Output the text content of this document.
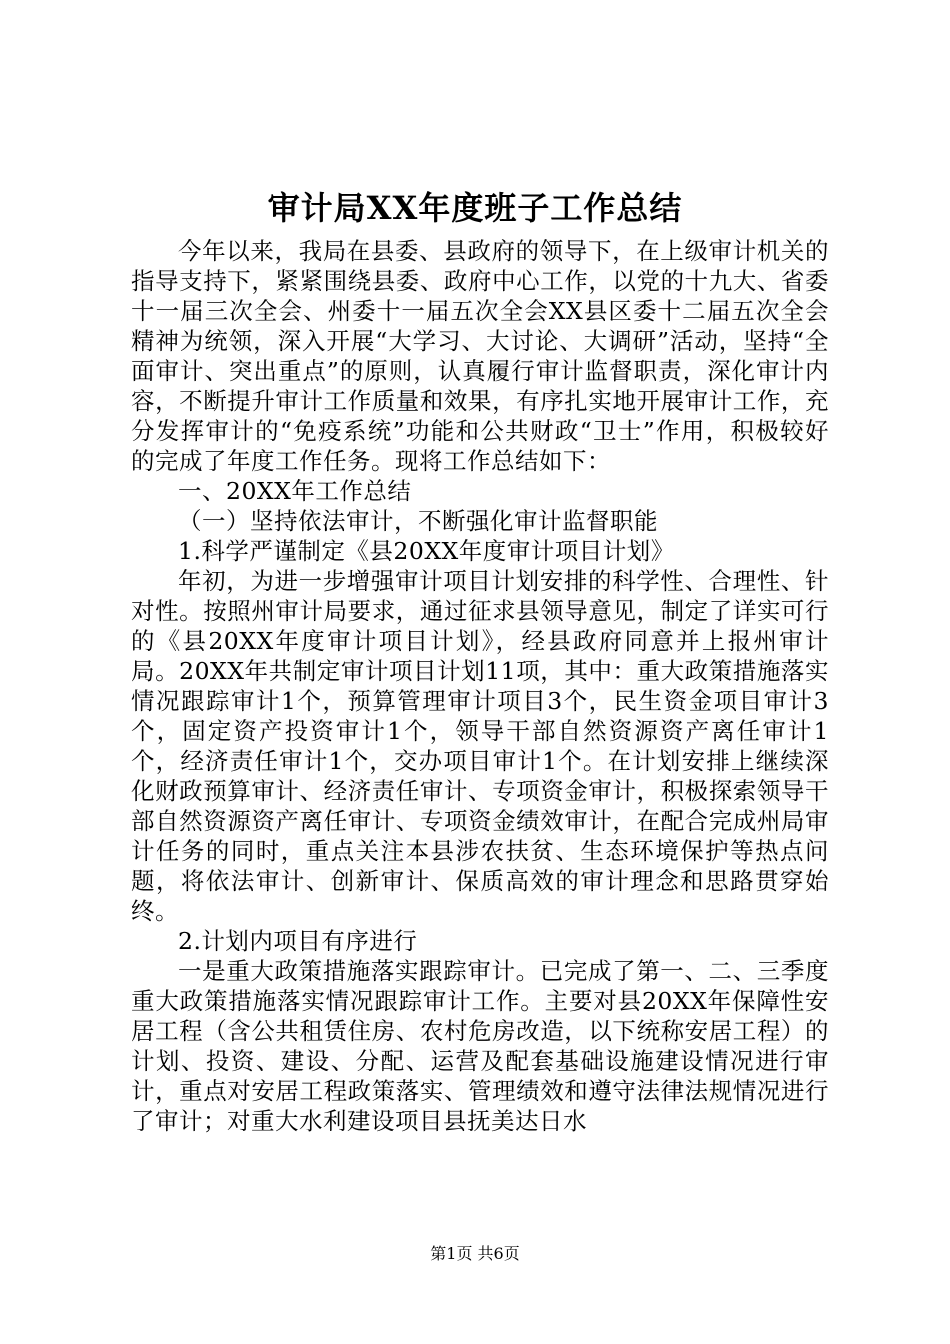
审计局XX年度班子工作总结

今年以来，我局在县委、县政府的领导下，在上级审计机关的指导支持下，紧紧围绕县委、政府中心工作，以党的十九大、省委十一届三次全会、州委十一届五次全会XX县区委十二届五次全会精神为统领，深入开展“大学习、大讨论、大调研”活动，坚持“全面审计、突出重点”的原则，认真履行审计监督职责，深化审计内容，不断提升审计工作质量和效果，有序扎实地开展审计工作，充分发挥审计的“免疫系统”功能和公共财政“卫士”作用，积极较好的完成了年度工作任务。现将工作总结如下：

一、20XX年工作总结

（一）坚持依法审计，不断强化审计监督职能

1.科学严谨制定《县20XX年度审计项目计划》

年初，为进一步增强审计项目计划安排的科学性、合理性、针对性。按照州审计局要求，通过征求县领导意见，制定了详实可行的《县20XX年度审计项目计划》，经县政府同意并上报州审计局。20XX年共制定审计项目计划11项，其中：重大政策措施落实情况跟踪审计1个，预算管理审计项目3个，民生资金项目审计3个，固定资产投资审计1个，领导干部自然资源资产离任审计1个，经济责任审计1个，交办项目审计1个。在计划安排上继续深化财政预算审计、经济责任审计、专项资金审计，积极探索领导干部自然资源资产离任审计、专项资金绩效审计，在配合完成州局审计任务的同时，重点关注本县涉农扶贫、生态环境保护等热点问题，将依法审计、创新审计、保质高效的审计理念和思路贯穿始终。

2.计划内项目有序进行

一是重大政策措施落实跟踪审计。已完成了第一、二、三季度重大政策措施落实情况跟踪审计工作。主要对县20XX年保障性安居工程（含公共租赁住房、农村危房改造，以下统称安居工程）的计划、投资、建设、分配、运营及配套基础设施建设情况进行审计，重点对安居工程政策落实、管理绩效和遵守法律法规情况进行了审计；对重大水利建设项目县抚美达日水

第1页 共6页
